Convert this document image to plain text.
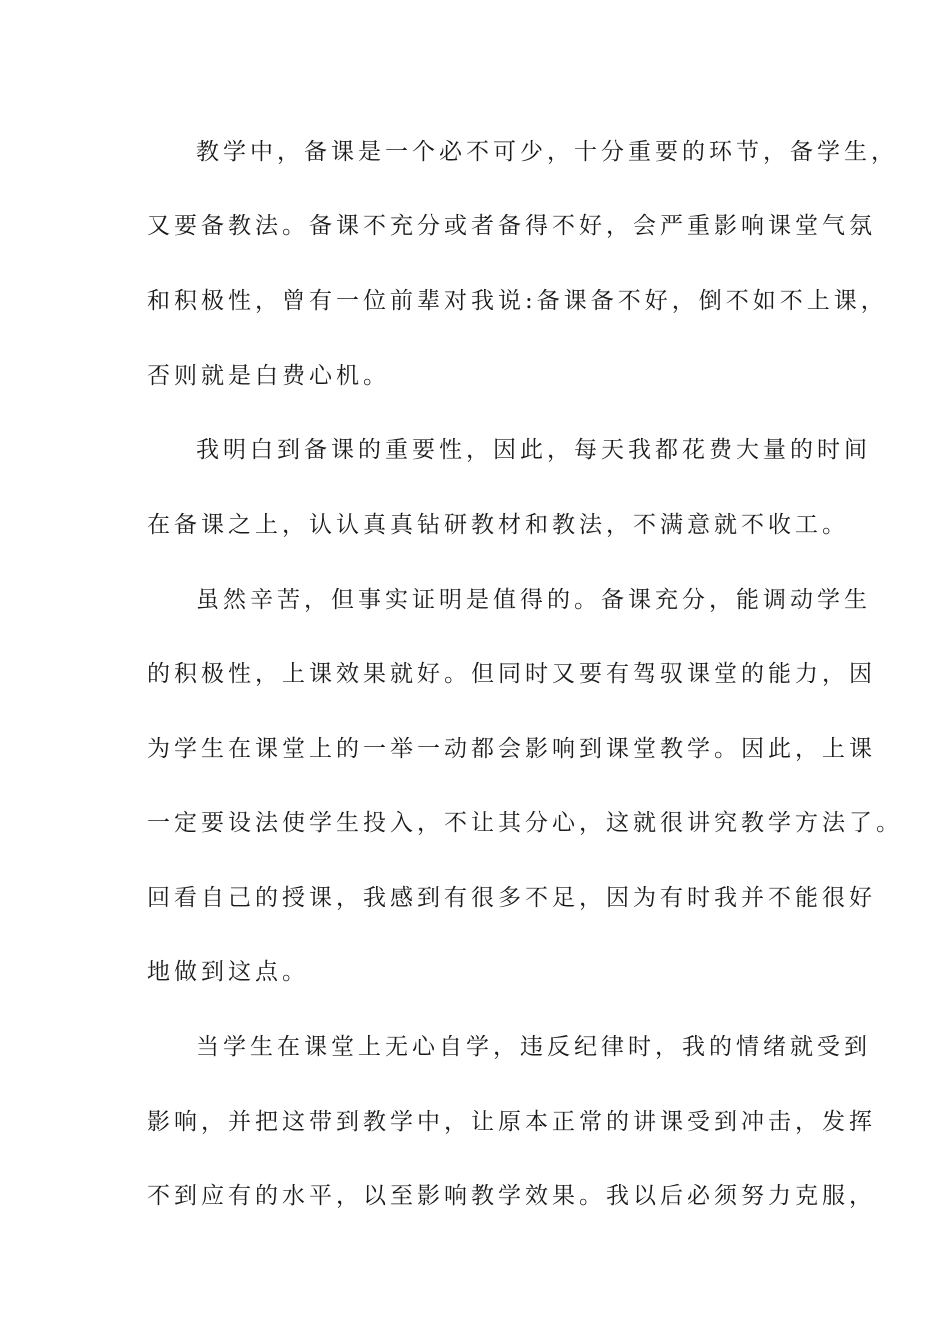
教学中，备课是一个必不可少，十分重要的环节，备学生，
又要备教法。备课不充分或者备得不好，会严重影响课堂气氛
和积极性，曾有一位前辈对我说:备课备不好，倒不如不上课，
否则就是白费心机。
我明白到备课的重要性，因此，每天我都花费大量的时间
在备课之上，认认真真钻研教材和教法，不满意就不收工。
虽然辛苦，但事实证明是值得的。备课充分，能调动学生
的积极性，上课效果就好。但同时又要有驾驭课堂的能力，因
为学生在课堂上的一举一动都会影响到课堂教学。因此，上课
一定要设法使学生投入，不让其分心，这就很讲究教学方法了。
回看自己的授课，我感到有很多不足，因为有时我并不能很好
地做到这点。
当学生在课堂上无心自学，违反纪律时，我的情绪就受到
影响，并把这带到教学中，让原本正常的讲课受到冲击，发挥
不到应有的水平，以至影响教学效果。我以后必须努力克服，
